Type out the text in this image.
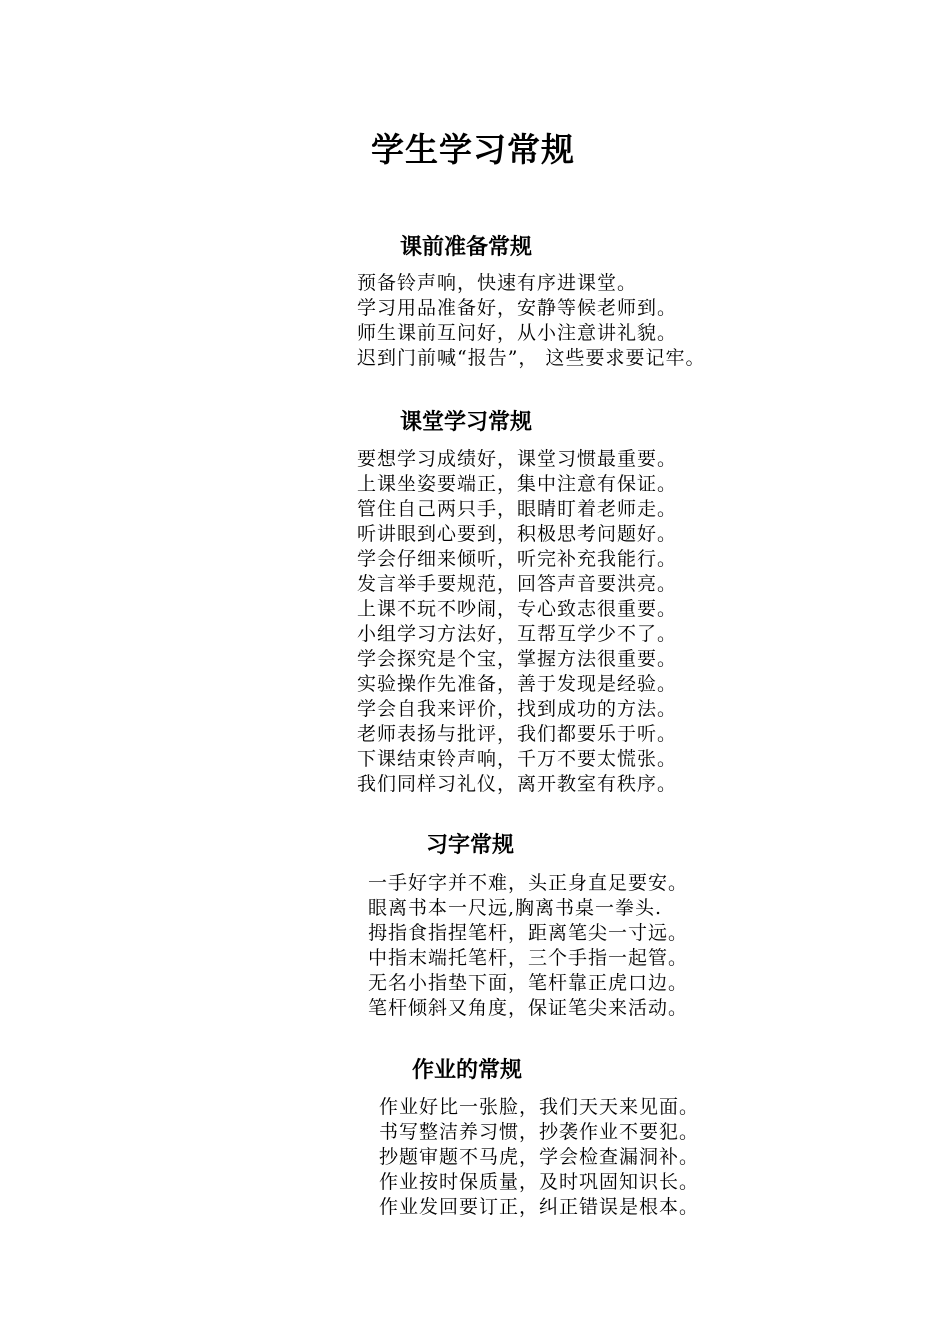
学生学习常规
课前准备常规
预备铃声响，快速有序进课堂。
学习用品准备好，安静等候老师到。
师生课前互问好，从小注意讲礼貌。
迟到门前喊“报告”， 这些要求要记牢。
课堂学习常规
要想学习成绩好，课堂习惯最重要。
上课坐姿要端正，集中注意有保证。
管住自己两只手，眼睛盯着老师走。
听讲眼到心要到，积极思考问题好。
学会仔细来倾听，听完补充我能行。
发言举手要规范，回答声音要洪亮。
上课不玩不吵闹，专心致志很重要。
小组学习方法好，互帮互学少不了。
学会探究是个宝，掌握方法很重要。
实验操作先准备，善于发现是经验。
学会自我来评价，找到成功的方法。
老师表扬与批评，我们都要乐于听。
下课结束铃声响，千万不要太慌张。
我们同样习礼仪，离开教室有秩序。
习字常规
一手好字并不难，头正身直足要安。
眼离书本一尺远,胸离书桌一拳头.
拇指食指捏笔杆，距离笔尖一寸远。
中指末端托笔杆，三个手指一起管。
无名小指垫下面，笔杆靠正虎口边。
笔杆倾斜又角度，保证笔尖来活动。
作业的常规
作业好比一张脸，我们天天来见面。
书写整洁养习惯，抄袭作业不要犯。
抄题审题不马虎，学会检查漏洞补。
作业按时保质量，及时巩固知识长。
作业发回要订正，纠正错误是根本。
